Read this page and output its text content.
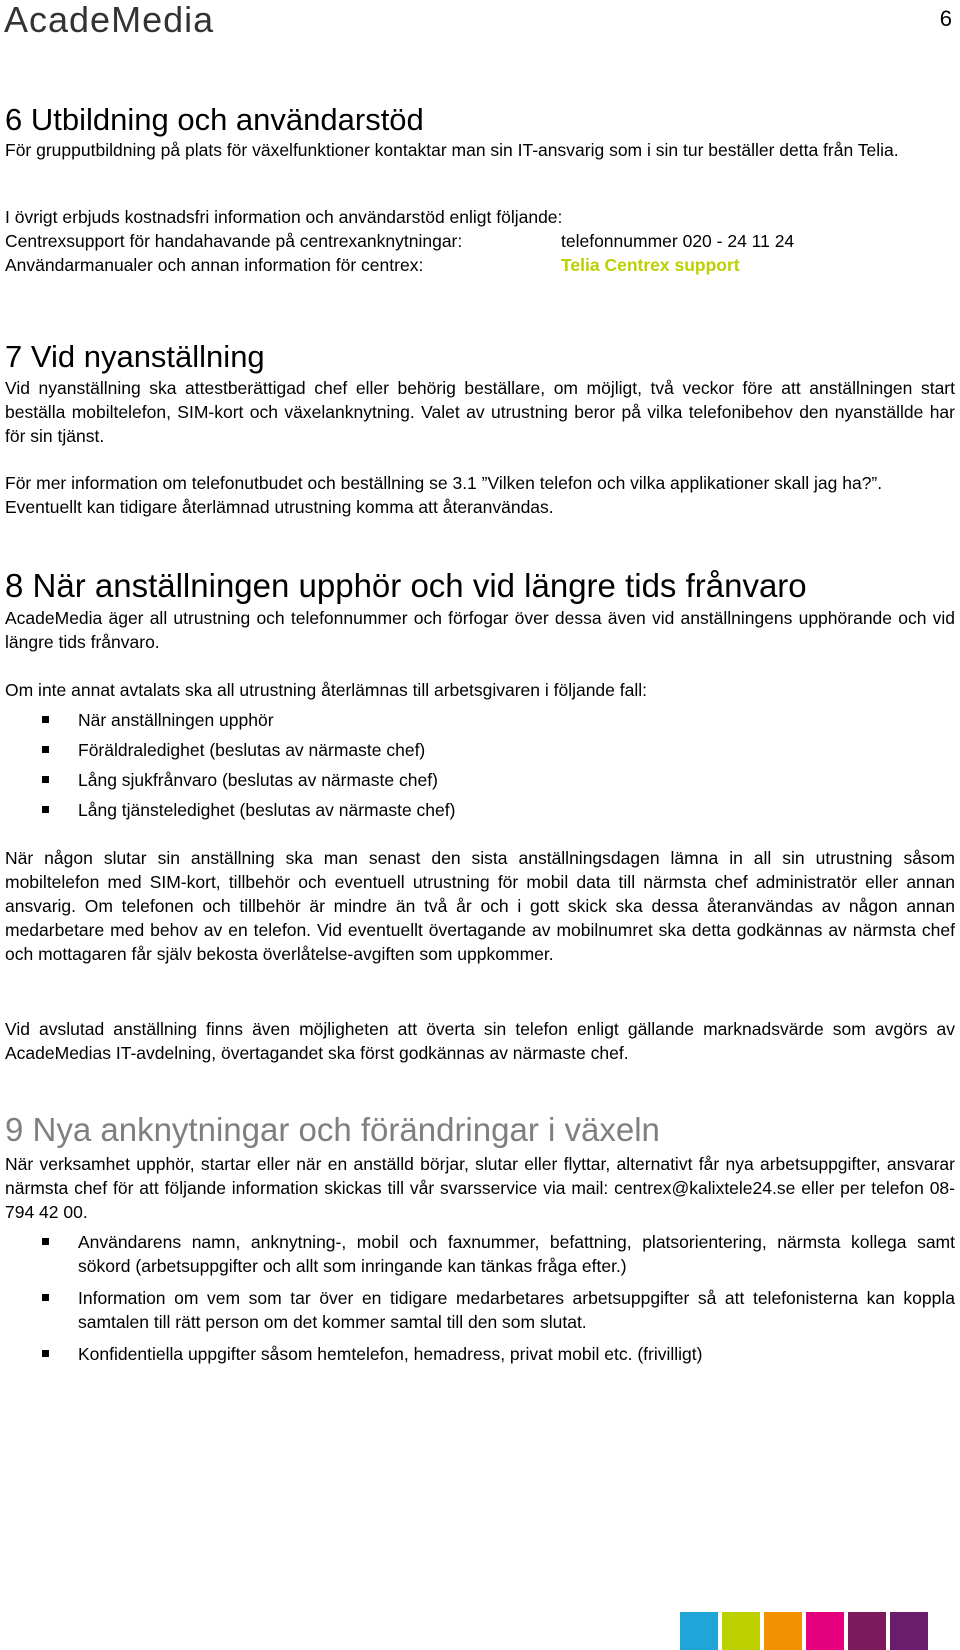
AcadeMedia	6
6 Utbildning och användarstöd

För grupputbildning på plats för växelfunktioner kontaktar man sin IT-ansvarig som i sin tur beställer detta från Telia.

I övrigt erbjuds kostnadsfri information och användarstöd enligt följande:

Centrexsupport för handahavande på centrexanknytningar:	telefonnummer 020 - 24 11 24
Användarmanualer och annan information för centrex:	Telia Centrex support
7 Vid nyanställning

Vid nyanställning ska attestberättigad chef eller behörig beställare, om möjligt, två veckor före att anställningen start beställa mobiltelefon, SIM-kort och växelanknytning. Valet av utrustning beror på vilka telefonibehov den nyanställde har för sin tjänst.

För mer information om telefonutbudet och beställning se 3.1 ”Vilken telefon och vilka applikationer skall jag ha?”. Eventuellt kan tidigare återlämnad utrustning komma att återanvändas.

8 När anställningen upphör och vid längre tids frånvaro

AcadeMedia äger all utrustning och telefonnummer och förfogar över dessa även vid anställningens upphörande och vid längre tids frånvaro.

Om inte annat avtalats ska all utrustning återlämnas till arbetsgivaren i följande fall:

När anställningen upphör
Föräldraledighet (beslutas av närmaste chef)
Lång sjukfrånvaro (beslutas av närmaste chef)
Lång tjänsteledighet (beslutas av närmaste chef)

När någon slutar sin anställning ska man senast den sista anställningsdagen lämna in all sin utrustning såsom mobiltelefon med SIM-kort, tillbehör och eventuell utrustning för mobil data till närmsta chef administratör eller annan ansvarig. Om telefonen och tillbehör är mindre än två år och i gott skick ska dessa återanvändas av någon annan medarbetare med behov av en telefon. Vid eventuellt övertagande av mobilnumret ska detta godkännas av närmsta chef och mottagaren får själv bekosta överlåtelse-avgiften som uppkommer.

Vid avslutad anställning finns även möjligheten att överta sin telefon enligt gällande marknadsvärde som avgörs av AcadeMedias IT-avdelning, övertagandet ska först godkännas av närmaste chef.

9 Nya anknytningar och förändringar i växeln

När verksamhet upphör, startar eller när en anställd börjar, slutar eller flyttar, alternativt får nya arbetsuppgifter, ansvarar närmsta chef för att följande information skickas till vår svarsservice via mail: centrex@kalixtele24.se eller per telefon 08-794 42 00.

Användarens namn, anknytning-, mobil och faxnummer, befattning, platsorientering, närmsta kollega samt sökord (arbetsuppgifter och allt som inringande kan tänkas fråga efter.)
Information om vem som tar över en tidigare medarbetares arbetsuppgifter så att telefonisterna kan koppla samtalen till rätt person om det kommer samtal till den som slutat.
Konfidentiella uppgifter såsom hemtelefon, hemadress, privat mobil etc. (frivilligt)
